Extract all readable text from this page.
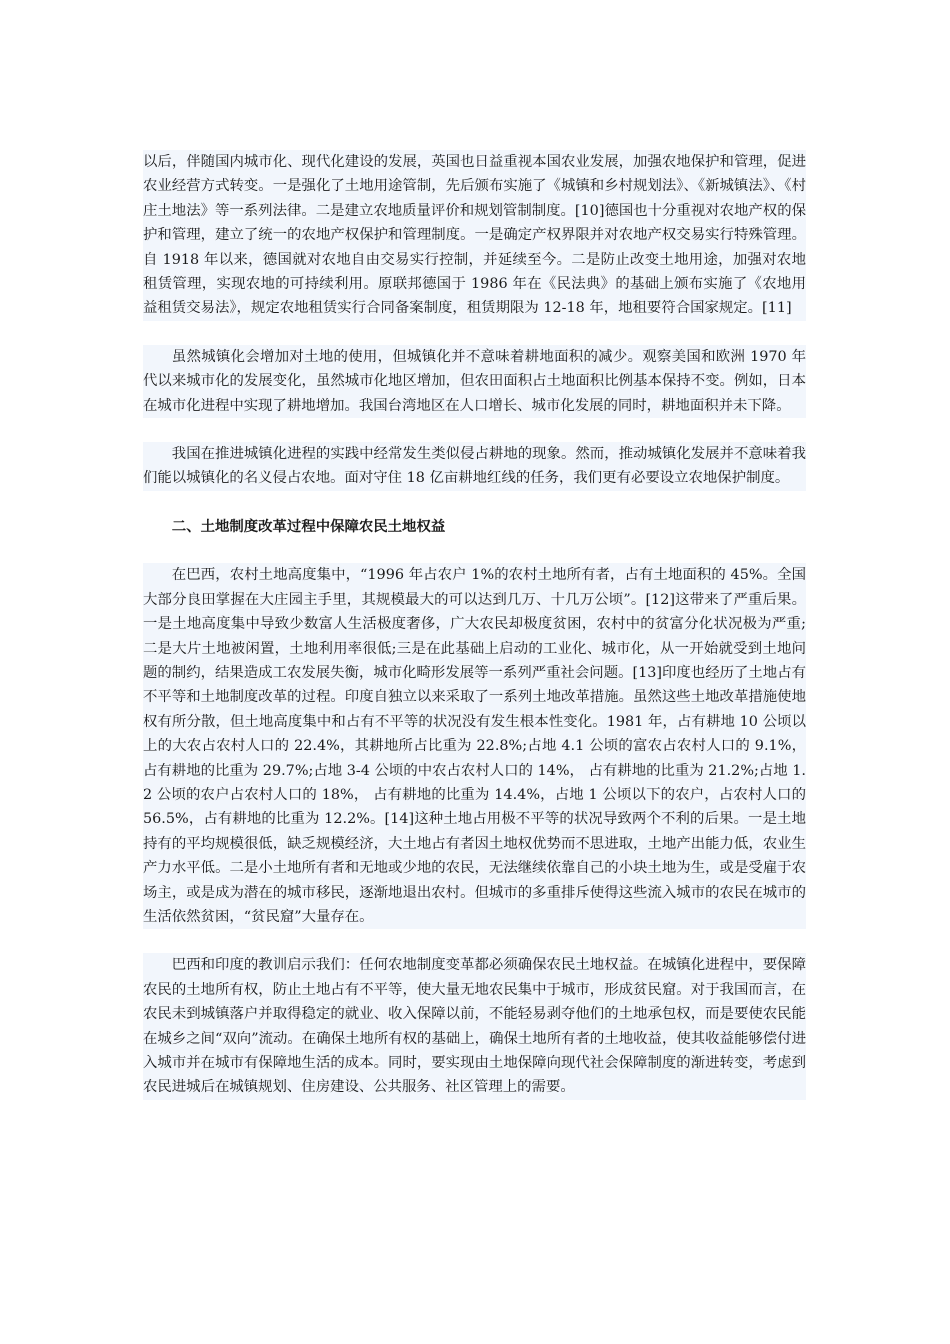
以后，伴随国内城市化、现代化建设的发展，英国也日益重视本国农业发展，加强农地保护和管理，促进农业经营方式转变。一是强化了土地用途管制，先后颁布实施了《城镇和乡村规划法》、《新城镇法》、《村庄土地法》等一系列法律。二是建立农地质量评价和规划管制制度。[10]德国也十分重视对农地产权的保护和管理，建立了统一的农地产权保护和管理制度。一是确定产权界限并对农地产权交易实行特殊管理。自 1918 年以来，德国就对农地自由交易实行控制，并延续至今。二是防止改变土地用途，加强对农地租赁管理，实现农地的可持续利用。原联邦德国于 1986 年在《民法典》的基础上颁布实施了《农地用益租赁交易法》，规定农地租赁实行合同备案制度，租赁期限为 12-18 年，地租要符合国家规定。[11]

虽然城镇化会增加对土地的使用，但城镇化并不意味着耕地面积的减少。观察美国和欧洲 1970 年代以来城市化的发展变化，虽然城市化地区增加，但农田面积占土地面积比例基本保持不变。例如，日本在城市化进程中实现了耕地增加。我国台湾地区在人口增长、城市化发展的同时，耕地面积并未下降。

我国在推进城镇化进程的实践中经常发生类似侵占耕地的现象。然而，推动城镇化发展并不意味着我们能以城镇化的名义侵占农地。面对守住 18 亿亩耕地红线的任务，我们更有必要设立农地保护制度。

二、土地制度改革过程中保障农民土地权益

在巴西，农村土地高度集中，“1996 年占农户 1%的农村土地所有者，占有土地面积的 45%。全国大部分良田掌握在大庄园主手里，其规模最大的可以达到几万、十几万公顷”。[12]这带来了严重后果。一是土地高度集中导致少数富人生活极度奢侈，广大农民却极度贫困，农村中的贫富分化状况极为严重;二是大片土地被闲置，土地利用率很低;三是在此基础上启动的工业化、城市化，从一开始就受到土地问题的制约，结果造成工农发展失衡，城市化畸形发展等一系列严重社会问题。[13]印度也经历了土地占有不平等和土地制度改革的过程。印度自独立以来采取了一系列土地改革措施。虽然这些土地改革措施使地权有所分散，但土地高度集中和占有不平等的状况没有发生根本性变化。1981 年，占有耕地 10 公顷以上的大农占农村人口的 22.4%，其耕地所占比重为 22.8%;占地 4.1 公顷的富农占农村人口的 9.1%， 占有耕地的比重为 29.7%;占地 3-4 公顷的中农占农村人口的 14%， 占有耕地的比重为 21.2%;占地 1.2 公顷的农户占农村人口的 18%， 占有耕地的比重为 14.4%，占地 1 公顷以下的农户，占农村人口的 56.5%，占有耕地的比重为 12.2%。[14]这种土地占用极不平等的状况导致两个不利的后果。一是土地持有的平均规模很低，缺乏规模经济，大土地占有者因土地权优势而不思进取，土地产出能力低，农业生产力水平低。二是小土地所有者和无地或少地的农民，无法继续依靠自己的小块土地为生，或是受雇于农场主，或是成为潜在的城市移民，逐渐地退出农村。但城市的多重排斥使得这些流入城市的农民在城市的生活依然贫困，“贫民窟”大量存在。

巴西和印度的教训启示我们：任何农地制度变革都必须确保农民土地权益。在城镇化进程中，要保障农民的土地所有权，防止土地占有不平等，使大量无地农民集中于城市，形成贫民窟。对于我国而言，在农民未到城镇落户并取得稳定的就业、收入保障以前，不能轻易剥夺他们的土地承包权，而是要使农民能在城乡之间“双向”流动。在确保土地所有权的基础上，确保土地所有者的土地收益，使其收益能够偿付进入城市并在城市有保障地生活的成本。同时，要实现由土地保障向现代社会保障制度的渐进转变，考虑到农民进城后在城镇规划、住房建设、公共服务、社区管理上的需要。
